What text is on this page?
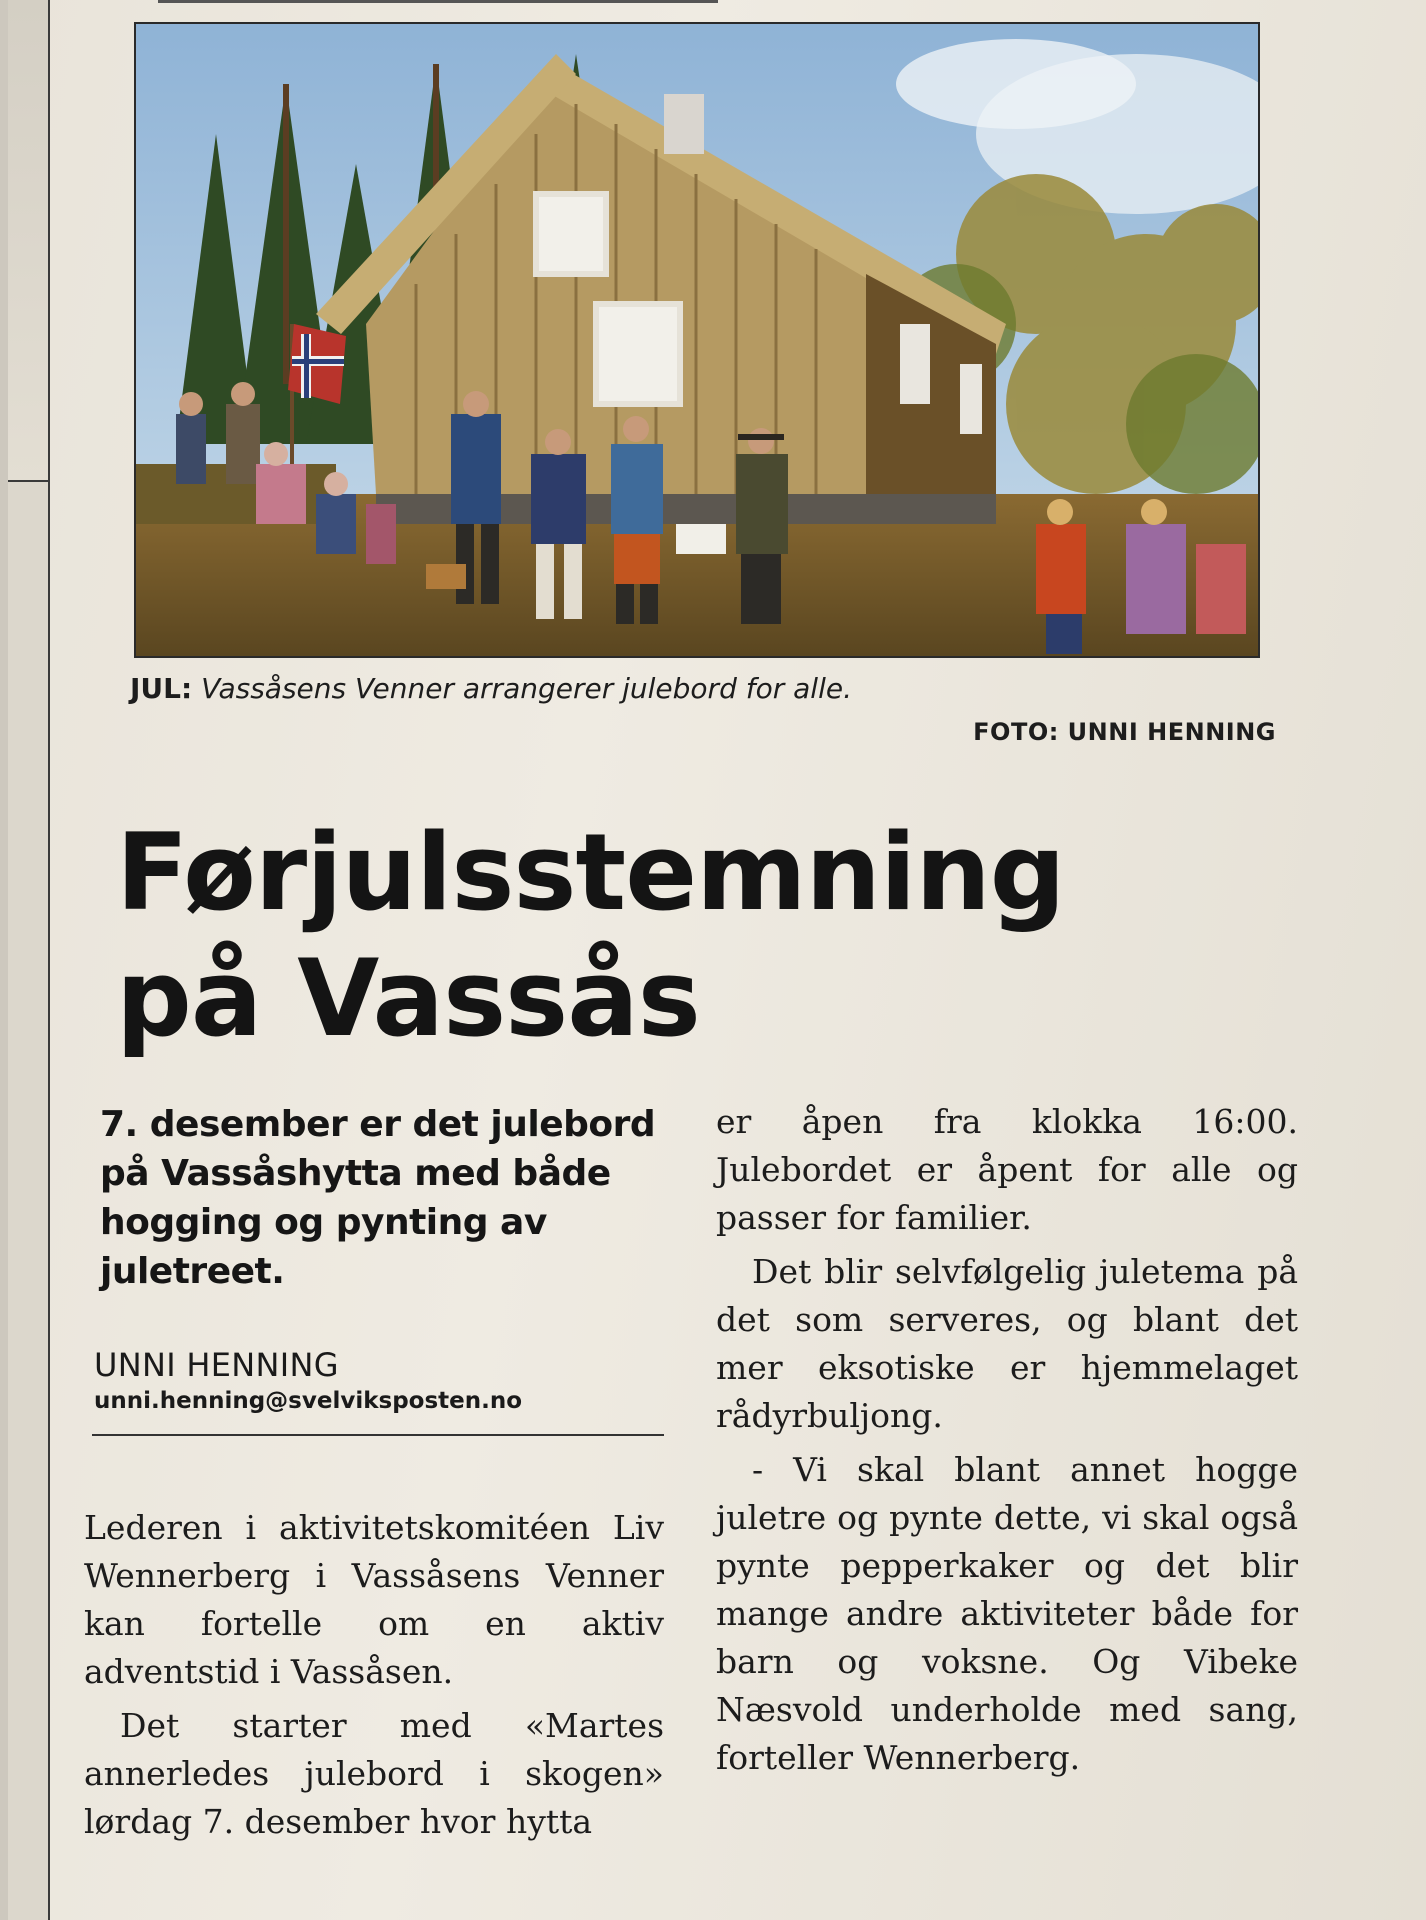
JUL: Vassåsens Venner arrangerer julebord for alle.
FOTO: UNNI HENNING
Førjulsstemning
på Vassås
7. desember er det julebord på Vassåshytta med både hogging og pynting av juletreet.
UNNI HENNING
unni.henning@svelviksposten.no

Lederen i aktivitetskomitéen Liv Wennerberg i Vassåsens Venner kan fortelle om en aktiv adventstid i Vassåsen.

Det starter med «Martes annerledes julebord i skogen» lørdag 7. desember hvor hytta

er åpen fra klokka 16:00. Julebordet er åpent for alle og passer for familier.

Det blir selvfølgelig juletema på det som serveres, og blant det mer eksotiske er hjemmelaget rådyrbuljong.

- Vi skal blant annet hogge juletre og pynte dette, vi skal også pynte pepperkaker og det blir mange andre aktiviteter både for barn og voksne. Og Vibeke Næsvold underholde med sang, forteller Wennerberg.
